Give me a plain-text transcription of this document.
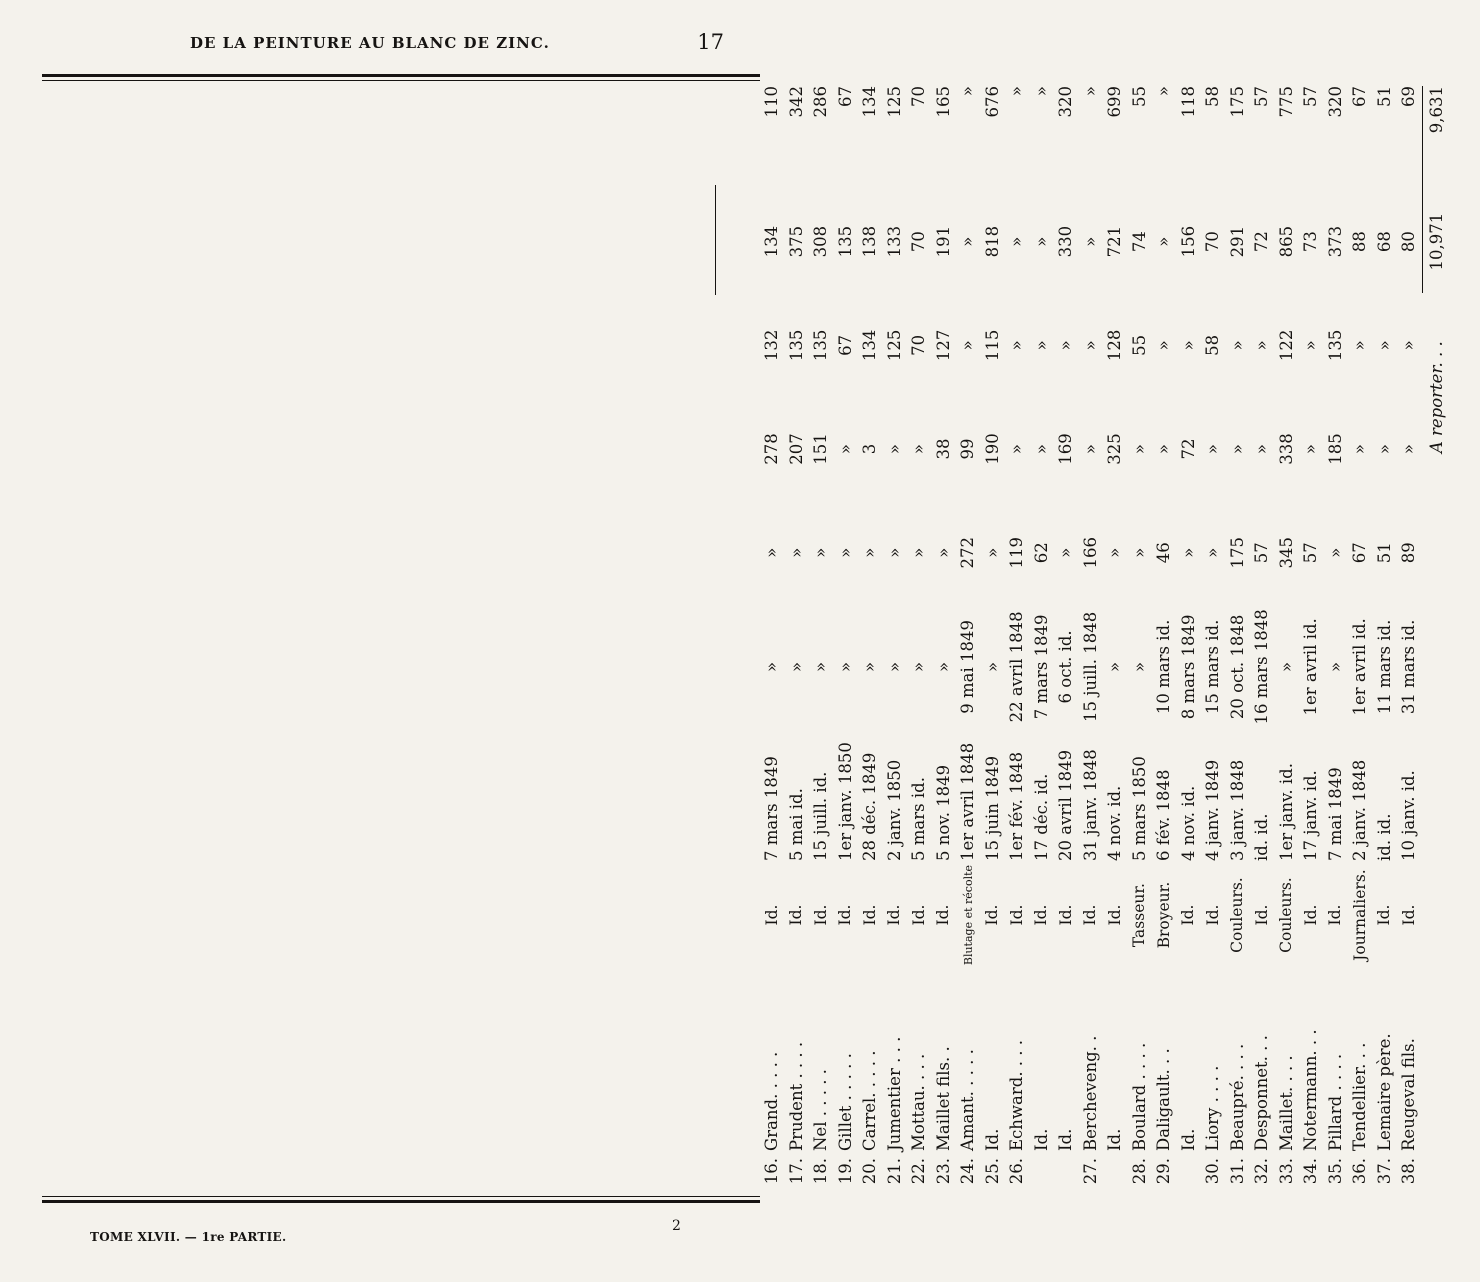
DE LA PEINTURE AU BLANC DE ZINC.	17
16.Grand. . . . .	Id.	7 mars 1849	»	»	278	132	134	110
17.Prudent . . . .	Id.	5 mai id.	»	»	207	135	375	342
18.Nel . . . . .	Id.	15 juill. id.	»	»	151	135	308	286
19.Gillet . . . . .	Id.	1er janv. 1850	»	»	»	67	135	67
20.Carrel. . . . .	Id.	28 déc. 1849	»	»	3	134	138	134
21.Jumentier . . .	Id.	2 janv. 1850	»	»	»	125	133	125
22.Mottau. . . .	Id.	5 mars id.	»	»	»	70	70	70
23.Maillet fils. .	Id.	5 nov. 1849	»	»	38	127	191	165
24.Amant. . . . .	Blutage et récolte	1er avril 1848	9 mai 1849	272	99	»	»	»
25.Id.	Id.	15 juin 1849	»	»	190	115	818	676
26.Echward. . . .	Id.	1er fév. 1848	22 avril 1848	119	»	»	»	»
Id.	Id.	17 déc. id.	7 mars 1849	62	»	»	»	»
Id.	Id.	20 avril 1849	6 oct. id.	»	169	»	330	320
27.Bercheveng. .	Id.	31 janv. 1848	15 juill. 1848	166	»	»	»	»
Id.	Id.	4 nov. id.	»	»	325	128	721	699
28.Boulard . . . .	Tasseur.	5 mars 1850	»	»	»	55	74	55
29.Daligault. . .	Broyeur.	6 fév. 1848	10 mars id.	46	»	»	»	»
Id.	Id.	4 nov. id.	8 mars 1849	»	72	»	156	118
30.Liory . . . .	Id.	4 janv. 1849	15 mars id.	»	»	58	70	58
31.Beaupré. . . .	Couleurs.	3 janv. 1848	20 oct. 1848	175	»	»	291	175
32.Desponnet. . .	Id.	id. id.	16 mars 1848	57	»	»	72	57
33.Maillet. . . .	Couleurs.	1er janv. id.	»	345	338	122	865	775
34.Notermann. . .	Id.	17 janv. id.	1er avril id.	57	»	»	73	57
35.Pillard . . . .	Id.	7 mai 1849	»	»	185	135	373	320
36.Tendellier. . .	Journaliers.	2 janv. 1848	1er avril id.	67	»	»	88	67
37.Lemaire père.	Id.	id. id.	11 mars id.	51	»	»	68	51
38.Reugeval fils.	Id.	10 janv. id.	31 mars id.	89	»	»	80	69
					A reporter. . .		10,971	9,631
TOME XLVII. — 1re PARTIE.
2
